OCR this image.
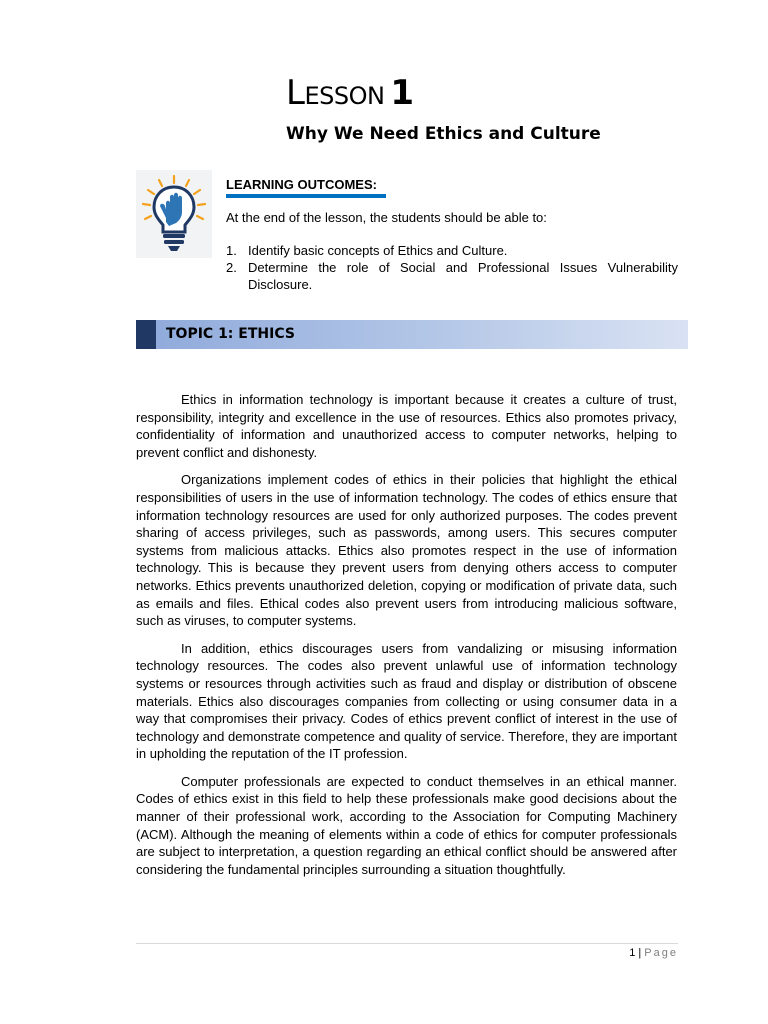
Lesson 1
Why We Need Ethics and Culture

LEARNING OUTCOMES:

At the end of the lesson, the students should be able to:

1. Identify basic concepts of Ethics and Culture.
2. Determine the role of Social and Professional Issues Vulnerability Disclosure.
TOPIC 1: ETHICS

Ethics in information technology is important because it creates a culture of trust, responsibility, integrity and excellence in the use of resources. Ethics also promotes privacy, confidentiality of information and unauthorized access to computer networks, helping to prevent conflict and dishonesty.

Organizations implement codes of ethics in their policies that highlight the ethical responsibilities of users in the use of information technology. The codes of ethics ensure that information technology resources are used for only authorized purposes. The codes prevent sharing of access privileges, such as passwords, among users. This secures computer systems from malicious attacks. Ethics also promotes respect in the use of information technology. This is because they prevent users from denying others access to computer networks. Ethics prevents unauthorized deletion, copying or modification of private data, such as emails and files. Ethical codes also prevent users from introducing malicious software, such as viruses, to computer systems.

In addition, ethics discourages users from vandalizing or misusing information technology resources. The codes also prevent unlawful use of information technology systems or resources through activities such as fraud and display or distribution of obscene materials. Ethics also discourages companies from collecting or using consumer data in a way that compromises their privacy. Codes of ethics prevent conflict of interest in the use of technology and demonstrate competence and quality of service. Therefore, they are important in upholding the reputation of the IT profession.

Computer professionals are expected to conduct themselves in an ethical manner. Codes of ethics exist in this field to help these professionals make good decisions about the manner of their professional work, according to the Association for Computing Machinery (ACM). Although the meaning of elements within a code of ethics for computer professionals are subject to interpretation, a question regarding an ethical conflict should be answered after considering the fundamental principles surrounding a situation thoughtfully.

1 | Page
